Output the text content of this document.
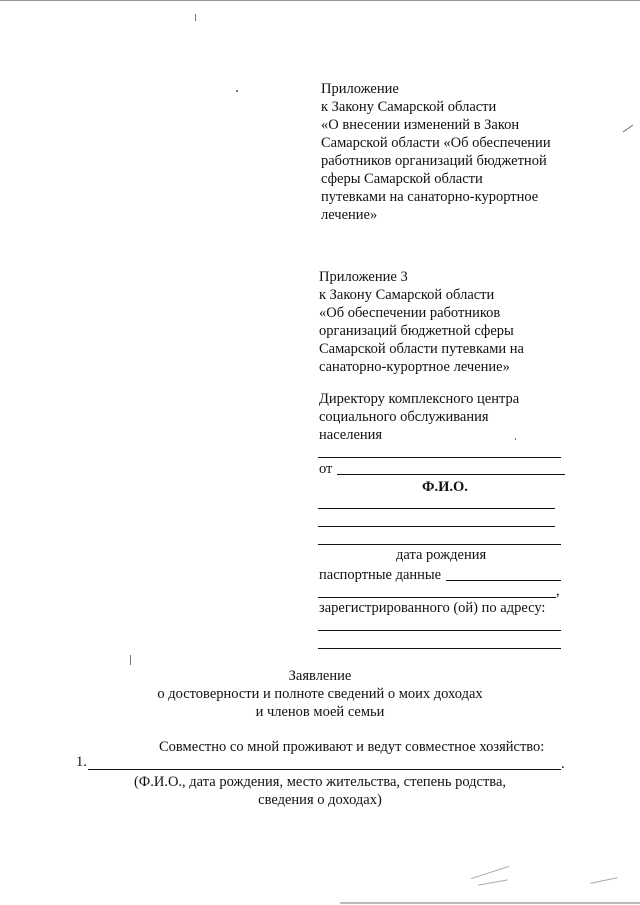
Приложение
к Закону Самарской области
«О внесении изменений в Закон
Самарской области «Об обеспечении
работников организаций бюджетной
сферы Самарской области
путевками на санаторно-курортное
лечение»
Приложение 3
к Закону Самарской области
«Об обеспечении работников
организаций бюджетной сферы
Самарской области путевками на
санаторно-курортное лечение»
Директору комплексного центра
социального обслуживания
населения
от
Ф.И.О.
дата рождения
паспортные данные
,
зарегистрированного (ой) по адресу:
Заявление
о достоверности и полноте сведений о моих доходах
и членов моей семьи
Совместно со мной проживают и ведут совместное хозяйство:
1.	.
(Ф.И.О., дата рождения, место жительства, степень родства,
сведения о доходах)
